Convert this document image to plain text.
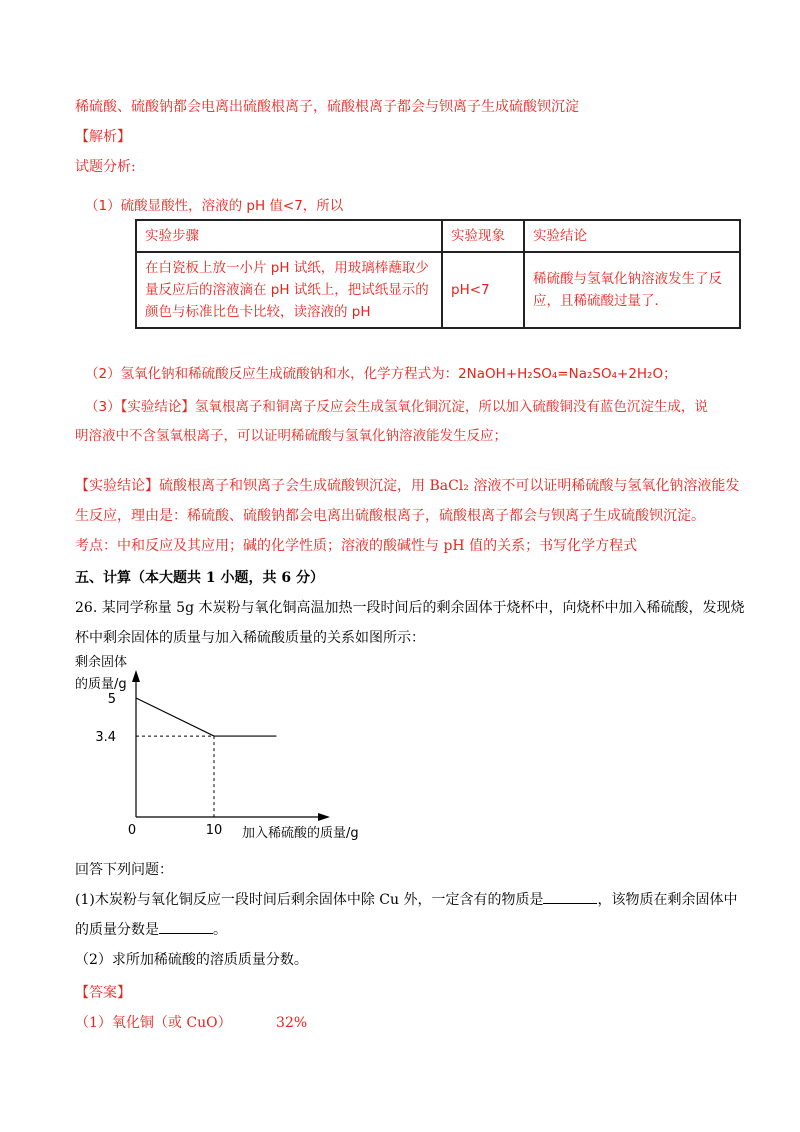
稀硫酸、硫酸钠都会电离出硫酸根离子，硫酸根离子都会与钡离子生成硫酸钡沉淀
【解析】
试题分析:
（1）硫酸显酸性，溶液的 pH 值<7，所以
实验步骤	实验现象	实验结论
在白瓷板上放一小片 pH 试纸，用玻璃棒蘸取少量反应后的溶液滴在 pH 试纸上，把试纸显示的颜色与标准比色卡比较，读溶液的 pH	pH<7	稀硫酸与氢氧化钠溶液发生了反应，且稀硫酸过量了．
（2）氢氧化钠和稀硫酸反应生成硫酸钠和水，化学方程式为：2NaOH+H₂SO₄=Na₂SO₄+2H₂O；
（3）【实验结论】氢氧根离子和铜离子反应会生成氢氧化铜沉淀，所以加入硫酸铜没有蓝色沉淀生成，说
明溶液中不含氢氧根离子，可以证明稀硫酸与氢氧化钠溶液能发生反应；
【实验结论】硫酸根离子和钡离子会生成硫酸钡沉淀，用 BaCl₂ 溶液不可以证明稀硫酸与氢氧化钠溶液能发
生反应，理由是：稀硫酸、硫酸钠都会电离出硫酸根离子，硫酸根离子都会与钡离子生成硫酸钡沉淀。
考点：中和反应及其应用；碱的化学性质；溶液的酸碱性与 pH 值的关系；书写化学方程式
五、计算（本大题共 1 小题，共 6 分）
26. 某同学称量 5g 木炭粉与氧化铜高温加热一段时间后的剩余固体于烧杯中，向烧杯中加入稀硫酸，发现烧
杯中剩余固体的质量与加入稀硫酸质量的关系如图所示：
剩余固体
的质量/g
5
3.4
0	10 加入稀硫酸的质量/g
回答下列问题：
(1)木炭粉与氧化铜反应一段时间后剩余固体中除 Cu 外，一定含有的物质是	，该物质在剩余固体中
的质量分数是	。
（2）求所加稀硫酸的溶质质量分数。
【答案】
（1）氧化铜（或 CuO）	32%
